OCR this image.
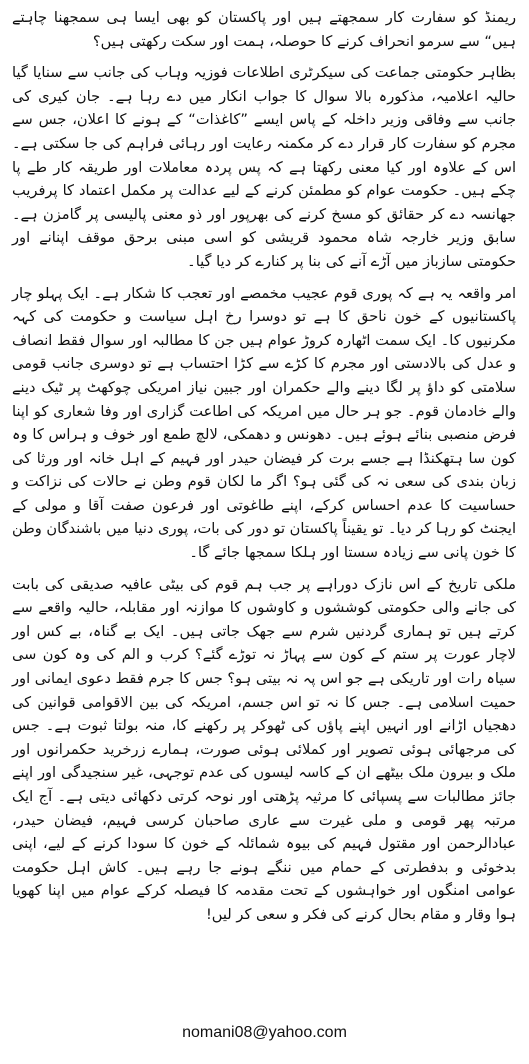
ریمنڈ کو سفارت کار سمجھتے ہیں اور پاکستان کو بھی ایسا ہی سمجھنا چاہتے ہیں“ سے سرمو انحراف کرنے کا حوصلہ، ہمت اور سکت رکھتی ہیں؟

بظاہر حکومتی جماعت کی سیکرٹری اطلاعات فوزیہ وہاب کی جانب سے سنایا گیا حالیہ اعلامیہ، مذکورہ بالا سوال کا جواب انکار میں دے رہا ہے۔ جان کیری کی جانب سے وفاقی وزیر داخلہ کے پاس ایسے ”کاغذات“ کے ہونے کا اعلان، جس سے مجرم کو سفارت کار قرار دے کر مکمنہ رعایت اور رہائی فراہم کی جا سکتی ہے۔ اس کے علاوہ اور کیا معنی رکھتا ہے کہ پس پردہ معاملات اور طریقہ کار طے پا چکے ہیں۔ حکومت عوام کو مطمئن کرنے کے لیے عدالت پر مکمل اعتماد کا پرفریب جھانسہ دے کر حقائق کو مسخ کرنے کی بھرپور اور ذو معنی پالیسی پر گامزن ہے۔ سابق وزیر خارجہ شاہ محمود قریشی کو اسی مبنی برحق موقف اپنانے اور حکومتی سازباز میں آڑے آنے کی بنا پر کنارے کر دیا گیا۔

امر واقعہ یہ ہے کہ پوری قوم عجیب مخمصے اور تعجب کا شکار ہے۔ ایک پہلو چار پاکستانیوں کے خون ناحق کا ہے تو دوسرا رخ اہل سیاست و حکومت کی کہہ مکرنیوں کا۔ ایک سمت اٹھارہ کروڑ عوام ہیں جن کا مطالبہ اور سوال فقط انصاف و عدل کی بالادستی اور مجرم کا کڑے سے کڑا احتساب ہے تو دوسری جانب قومی سلامتی کو داؤ پر لگا دینے والے حکمران اور جبین نیاز امریکی چوکھٹ پر ٹیک دینے والے خادمان قوم۔ جو ہر حال میں امریکہ کی اطاعت گزاری اور وفا شعاری کو اپنا فرض منصبی بنائے ہوئے ہیں۔ دھونس و دھمکی، لالچ طمع اور خوف و ہراس کا وہ کون سا ہتھکنڈا ہے جسے برت کر فیضان حیدر اور فہیم کے اہل خانہ اور ورثا کی زبان بندی کی سعی نہ کی گئی ہو؟ اگر ما لکان قوم وطن نے حالات کی نزاکت و حساسیت کا عدم احساس کرکے، اپنے طاغوتی اور فرعون صفت آقا و مولی کے ایجنٹ کو رہا کر دیا۔ تو یقیناً پاکستان تو دور کی بات، پوری دنیا میں باشندگان وطن کا خون پانی سے زیادہ سستا اور ہلکا سمجھا جائے گا۔

ملکی تاریخ کے اس نازک دوراہے پر جب ہم قوم کی بیٹی عافیہ صدیقی کی بابت کی جانے والی حکومتی کوششوں و کاوشوں کا موازنہ اور مقابلہ، حالیہ واقعے سے کرتے ہیں تو ہماری گردنیں شرم سے جھک جاتی ہیں۔ ایک بے گناہ، بے کس اور لاچار عورت پر ستم کے کون سے پہاڑ نہ توڑے گئے؟ کرب و الم کی وہ کون سی سیاہ رات اور تاریکی ہے جو اس پہ نہ بیتی ہو؟ جس کا جرم فقط دعوی ایمانی اور حمیت اسلامی ہے۔ جس کا نہ تو اس جسم، امریکہ کی بین الاقوامی قوانین کی دھجیاں اڑانے اور انہیں اپنے پاؤں کی ٹھوکر پر رکھنے کا، منہ بولتا ثبوت ہے۔ جس کی مرجھائی ہوئی تصویر اور کملائی ہوئی صورت، ہمارے زرخرید حکمرانوں اور ملک و بیرون ملک بیٹھے ان کے کاسہ لیسوں کی عدم توجہی، غیر سنجیدگی اور اپنے جائز مطالبات سے پسپائی کا مرثیہ پڑھتی اور نوحہ کرتی دکھائی دیتی ہے۔ آج ایک مرتبہ پھر قومی و ملی غیرت سے عاری صاحبان کرسی فہیم، فیضان حیدر، عبادالرحمن اور مقتول فہیم کی بیوہ شمائلہ کے خون کا سودا کرنے کے لیے، اپنی بدخوئی و بدفطرتی کے حمام میں ننگے ہونے جا رہے ہیں۔ کاش اہل حکومت عوامی امنگوں اور خواہشوں کے تحت مقدمہ کا فیصلہ کرکے عوام میں اپنا کھویا ہوا وقار و مقام بحال کرنے کی فکر و سعی کر لیں!

nomani08@yahoo.com
